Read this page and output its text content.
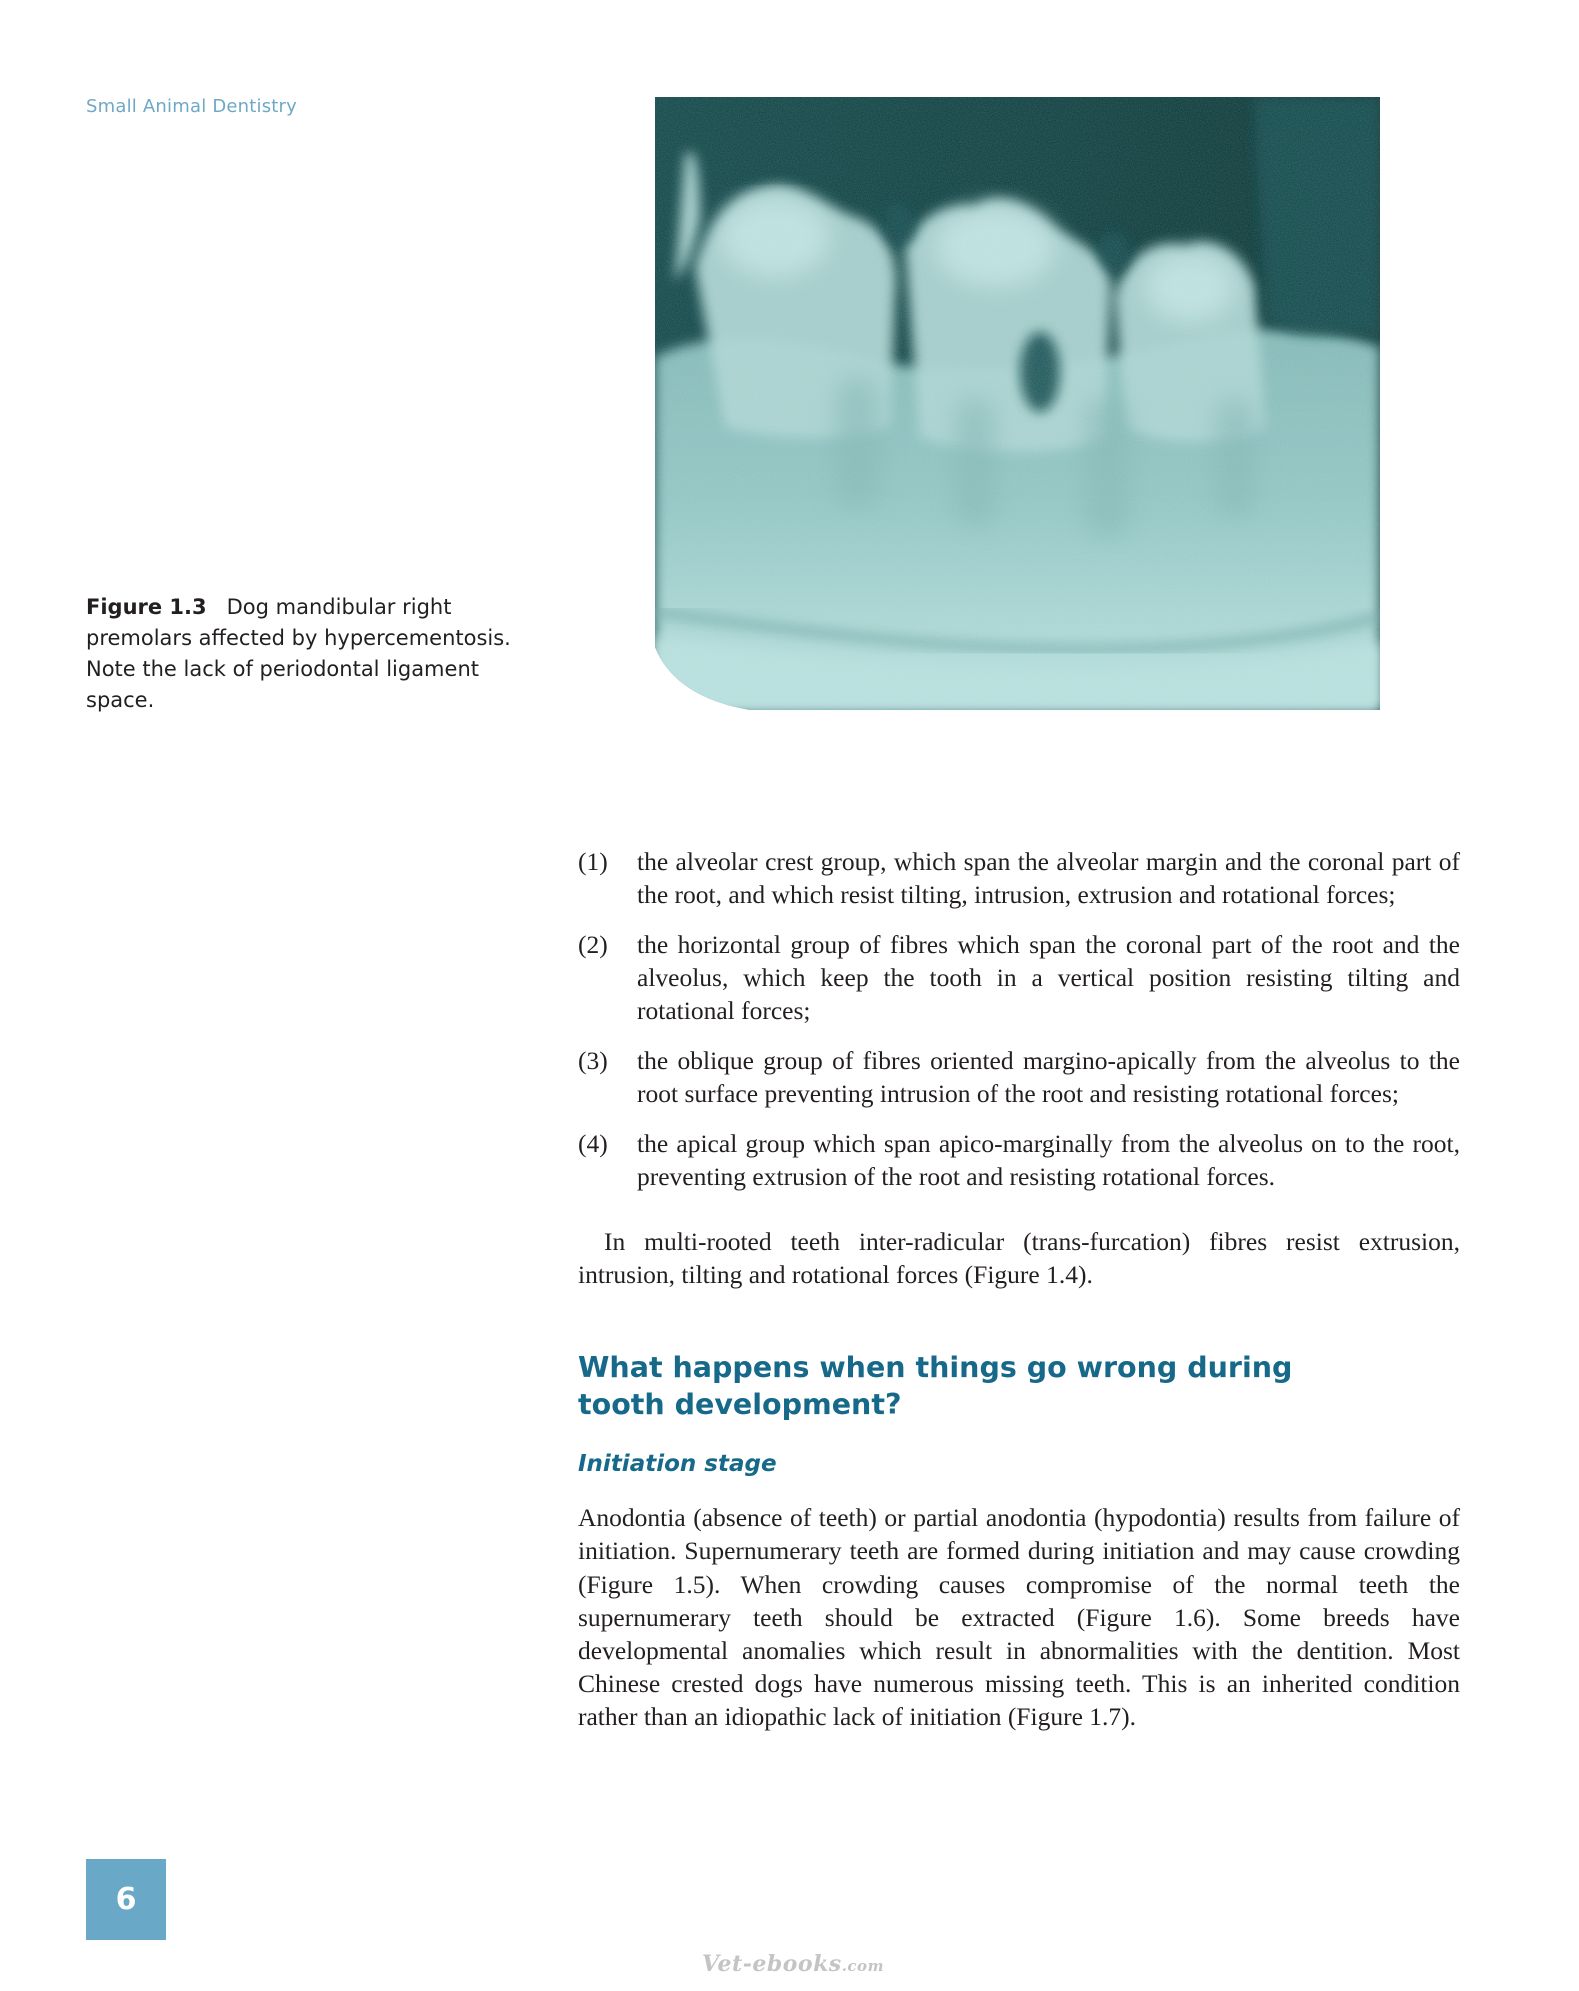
Small Animal Dentistry
Figure 1.3 Dog mandibular right premolars affected by hypercementosis. Note the lack of periodontal ligament space.
(1) the alveolar crest group, which span the alveolar margin and the coronal part of the root, and which resist tilting, intrusion, extrusion and rotational forces;
(2) the horizontal group of fibres which span the coronal part of the root and the alveolus, which keep the tooth in a vertical position resisting tilting and rotational forces;
(3) the oblique group of fibres oriented margino-apically from the alveolus to the root surface preventing intrusion of the root and resisting rotational forces;
(4) the apical group which span apico-marginally from the alveolus on to the root, preventing extrusion of the root and resisting rotational forces.

In multi-rooted teeth inter-radicular (trans-furcation) fibres resist extrusion, intrusion, tilting and rotational forces (Figure 1.4).

What happens when things go wrong during tooth development?
Initiation stage

Anodontia (absence of teeth) or partial anodontia (hypodontia) results from failure of initiation. Supernumerary teeth are formed during initiation and may cause crowding (Figure 1.5). When crowding causes compromise of the normal teeth the supernumerary teeth should be extracted (Figure 1.6). Some breeds have developmental anomalies which result in abnormalities with the dentition. Most Chinese crested dogs have numerous missing teeth. This is an inherited condition rather than an idiopathic lack of initiation (Figure 1.7).

6
Vet-ebooks.com
